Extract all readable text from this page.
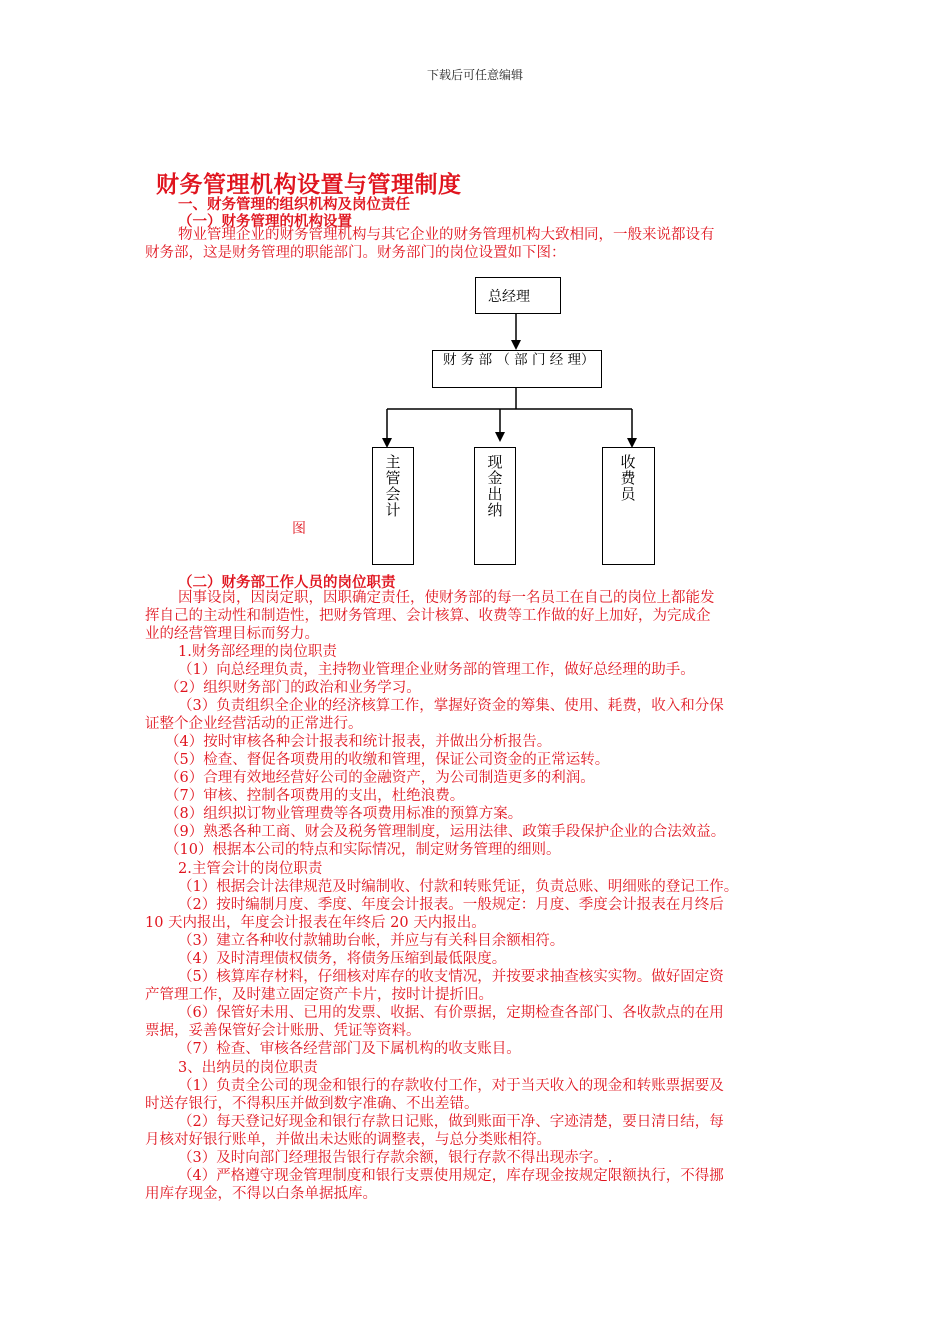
下载后可任意编辑
财务管理机构设置与管理制度
一、财务管理的组织机构及岗位责任
（一）财务管理的机构设置
物业管理企业的财务管理机构与其它企业的财务管理机构大致相同，一般来说都设有
财务部，这是财务管理的职能部门。财务部门的岗位设置如下图：
总经理
财 务 部 （ 部 门 经 理）
主管会计
现金出纳
收费员
图
（二）财务部工作人员的岗位职责
因事设岗，因岗定职，因职确定责任，使财务部的每一名员工在自己的岗位上都能发
挥自己的主动性和制造性，把财务管理、会计核算、收费等工作做的好上加好，为完成企
业的经营管理目标而努力。
1.财务部经理的岗位职责
（1）向总经理负责，主持物业管理企业财务部的管理工作，做好总经理的助手。
（2）组织财务部门的政治和业务学习。
（3）负责组织全企业的经济核算工作，掌握好资金的筹集、使用、耗费，收入和分保
证整个企业经营活动的正常进行。
（4）按时审核各种会计报表和统计报表，并做出分析报告。
（5）检查、督促各项费用的收缴和管理，保证公司资金的正常运转。
（6）合理有效地经营好公司的金融资产，为公司制造更多的利润。
（7）审核、控制各项费用的支出，杜绝浪费。
（8）组织拟订物业管理费等各项费用标准的预算方案。
（9）熟悉各种工商、财会及税务管理制度，运用法律、政策手段保护企业的合法效益。
（10）根据本公司的特点和实际情况，制定财务管理的细则。
2.主管会计的岗位职责
（1）根据会计法律规范及时编制收、付款和转账凭证，负责总账、明细账的登记工作。
（2）按时编制月度、季度、年度会计报表。一般规定：月度、季度会计报表在月终后
10 天内报出，年度会计报表在年终后 20 天内报出。
（3）建立各种收付款辅助台帐，并应与有关科目余额相符。
（4）及时清理债权债务，将债务压缩到最低限度。
（5）核算库存材料，仔细核对库存的收支情况，并按要求抽查核实实物。做好固定资
产管理工作，及时建立固定资产卡片，按时计提折旧。
（6）保管好未用、已用的发票、收据、有价票据，定期检查各部门、各收款点的在用
票据，妥善保管好会计账册、凭证等资料。
（7）检查、审核各经营部门及下属机构的收支账目。
3、出纳员的岗位职责
（1）负责全公司的现金和银行的存款收付工作，对于当天收入的现金和转账票据要及
时送存银行，不得积压并做到数字准确、不出差错。
（2）每天登记好现金和银行存款日记账，做到账面干净、字迹清楚，要日清日结，每
月核对好银行账单，并做出未达账的调整表，与总分类账相符。
（3）及时向部门经理报告银行存款余额，银行存款不得出现赤字。.
（4）严格遵守现金管理制度和银行支票使用规定，库存现金按规定限额执行，不得挪
用库存现金，不得以白条单据抵库。
